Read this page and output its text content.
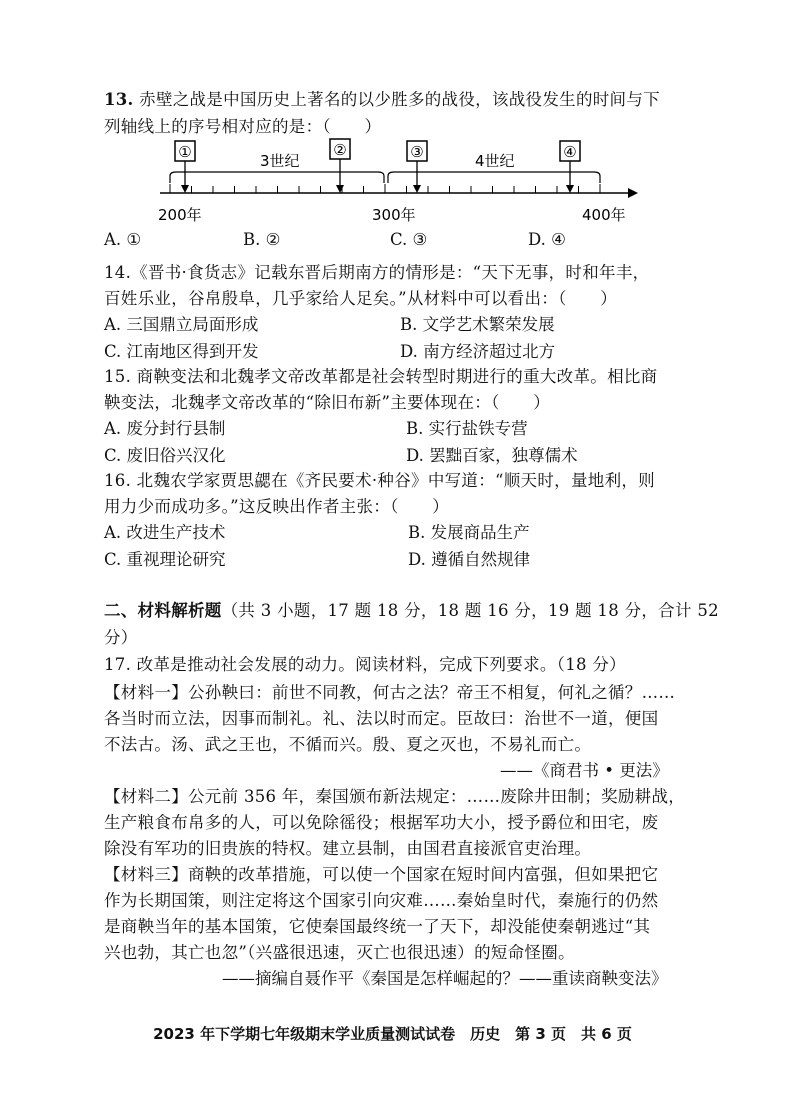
13. 赤壁之战是中国历史上著名的以少胜多的战役，该战役发生的时间与下
列轴线上的序号相对应的是：（　　）
3世纪	4世纪
①	②	③	④
200年	300年	400年
A. ①	B. ②	C. ③	D. ④
14.《晋书·食货志》记载东晋后期南方的情形是：“天下无事，时和年丰，
百姓乐业，谷帛殷阜，几乎家给人足矣。”从材料中可以看出：（　　）
A. 三国鼎立局面形成	B. 文学艺术繁荣发展
C. 江南地区得到开发	D. 南方经济超过北方
15. 商鞅变法和北魏孝文帝改革都是社会转型时期进行的重大改革。相比商
鞅变法，北魏孝文帝改革的“除旧布新”主要体现在：（　　）
A. 废分封行县制	B. 实行盐铁专营
C. 废旧俗兴汉化	D. 罢黜百家，独尊儒术
16. 北魏农学家贾思勰在《齐民要术·种谷》中写道：“顺天时，量地利，则
用力少而成功多。”这反映出作者主张：（　　）
A. 改进生产技术	B. 发展商品生产
C. 重视理论研究	D. 遵循自然规律
二、材料解析题（共 3 小题，17 题 18 分，18 题 16 分，19 题 18 分，合计 52
分）
17. 改革是推动社会发展的动力。阅读材料，完成下列要求。（18 分）
【材料一】公孙鞅曰：前世不同教，何古之法？帝王不相复，何礼之循？……
各当时而立法，因事而制礼。礼、法以时而定。臣故曰：治世不一道，便国
不法古。汤、武之王也，不循而兴。殷、夏之灭也，不易礼而亡。
——《商君书 • 更法》
【材料二】公元前 356 年，秦国颁布新法规定：……废除井田制；奖励耕战，
生产粮食布帛多的人，可以免除徭役；根据军功大小，授予爵位和田宅，废
除没有军功的旧贵族的特权。建立县制，由国君直接派官吏治理。
【材料三】商鞅的改革措施，可以使一个国家在短时间内富强，但如果把它
作为长期国策，则注定将这个国家引向灾难……秦始皇时代，秦施行的仍然
是商鞅当年的基本国策，它使秦国最终统一了天下，却没能使秦朝逃过“其
兴也勃，其亡也忽”（兴盛很迅速，灭亡也很迅速）的短命怪圈。
——摘编自聂作平《秦国是怎样崛起的？——重读商鞅变法》
2023 年下学期七年级期末学业质量测试试卷　历史　第 3 页　共 6 页
